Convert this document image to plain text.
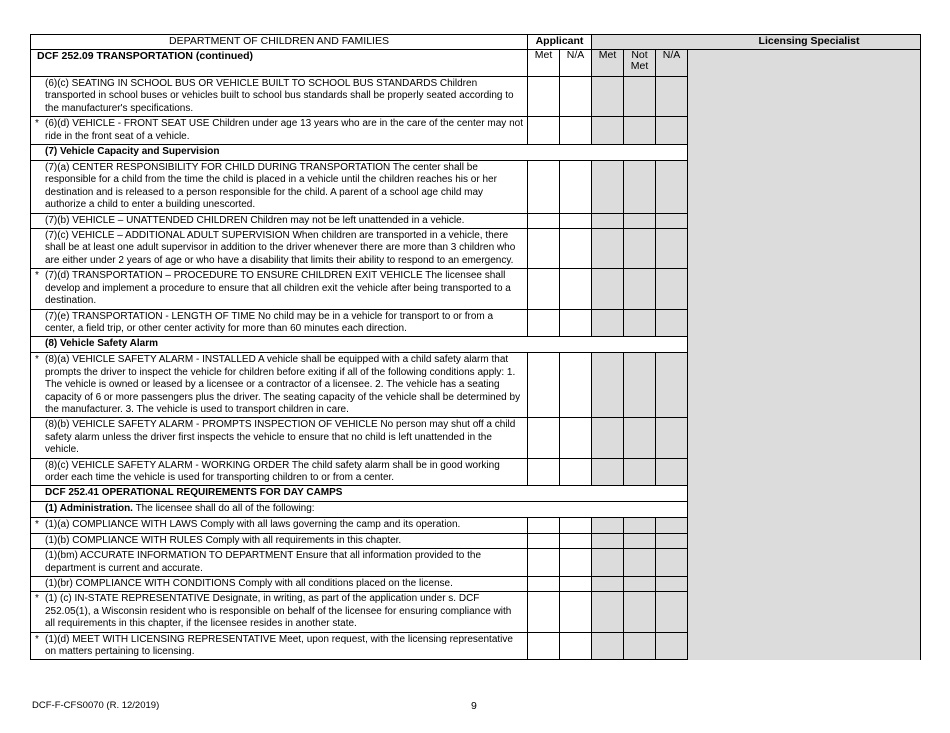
DEPARTMENT OF CHILDREN AND FAMILIES	Applicant		Licensing Specialist			
DCF 252.09 TRANSPORTATION (continued)	Met	N/A	Met	Not Met	N/A	
(6)(c) SEATING IN SCHOOL BUS OR VEHICLE BUILT TO SCHOOL BUS STANDARDS Children transported in school buses or vehicles built to school bus standards shall be properly seated according to the manufacturer's specifications.						

* (6)(d) VEHICLE - FRONT SEAT USE Children under age 13 years who are in the care of the center may not ride in the front seat of a vehicle.						
(7) Vehicle Capacity and Supervision						
(7)(a) CENTER RESPONSIBILITY FOR CHILD DURING TRANSPORTATION The center shall be responsible for a child from the time the child is placed in a vehicle until the children reaches his or her destination and is released to a person responsible for the child. A parent of a school age child may authorize a child to enter a building unescorted.						
(7)(b) VEHICLE – UNATTENDED CHILDREN Children may not be left unattended in a vehicle.						
(7)(c) VEHICLE – ADDITIONAL ADULT SUPERVISION When children are transported in a vehicle, there shall be at least one adult supervisor in addition to the driver whenever there are more than 3 children who are either under 2 years of age or who have a disability that limits their ability to respond to an emergency.						

* (7)(d) TRANSPORTATION – PROCEDURE TO ENSURE CHILDREN EXIT VEHICLE The licensee shall develop and implement a procedure to ensure that all children exit the vehicle after being transported to a destination.						
(7)(e) TRANSPORTATION - LENGTH OF TIME No child may be in a vehicle for transport to or from a center, a field trip, or other center activity for more than 60 minutes each direction.						
(8) Vehicle Safety Alarm						

* (8)(a) VEHICLE SAFETY ALARM - INSTALLED A vehicle shall be equipped with a child safety alarm that prompts the driver to inspect the vehicle for children before exiting if all of the following conditions apply: 1. The vehicle is owned or leased by a licensee or a contractor of a licensee. 2. The vehicle has a seating capacity of 6 or more passengers plus the driver. The seating capacity of the vehicle shall be determined by the manufacturer. 3. The vehicle is used to transport children in care.						
(8)(b) VEHICLE SAFETY ALARM - PROMPTS INSPECTION OF VEHICLE No person may shut off a child safety alarm unless the driver first inspects the vehicle to ensure that no child is left unattended in the vehicle.						
(8)(c) VEHICLE SAFETY ALARM - WORKING ORDER The child safety alarm shall be in good working order each time the vehicle is used for transporting children to or from a center.						
DCF 252.41 OPERATIONAL REQUIREMENTS FOR DAY CAMPS						
(1) Administration. The licensee shall do all of the following:						

* (1)(a) COMPLIANCE WITH LAWS Comply with all laws governing the camp and its operation.						
(1)(b) COMPLIANCE WITH RULES Comply with all requirements in this chapter.						
(1)(bm) ACCURATE INFORMATION TO DEPARTMENT Ensure that all information provided to the department is current and accurate.						
(1)(br) COMPLIANCE WITH CONDITIONS Comply with all conditions placed on the license.						

* (1) (c) IN-STATE REPRESENTATIVE Designate, in writing, as part of the application under s. DCF 252.05(1), a Wisconsin resident who is responsible on behalf of the licensee for ensuring compliance with all requirements in this chapter, if the licensee resides in another state.						

* (1)(d) MEET WITH LICENSING REPRESENTATIVE Meet, upon request, with the licensing representative on matters pertaining to licensing.						
DCF-F-CFS0070 (R. 12/2019)	9
